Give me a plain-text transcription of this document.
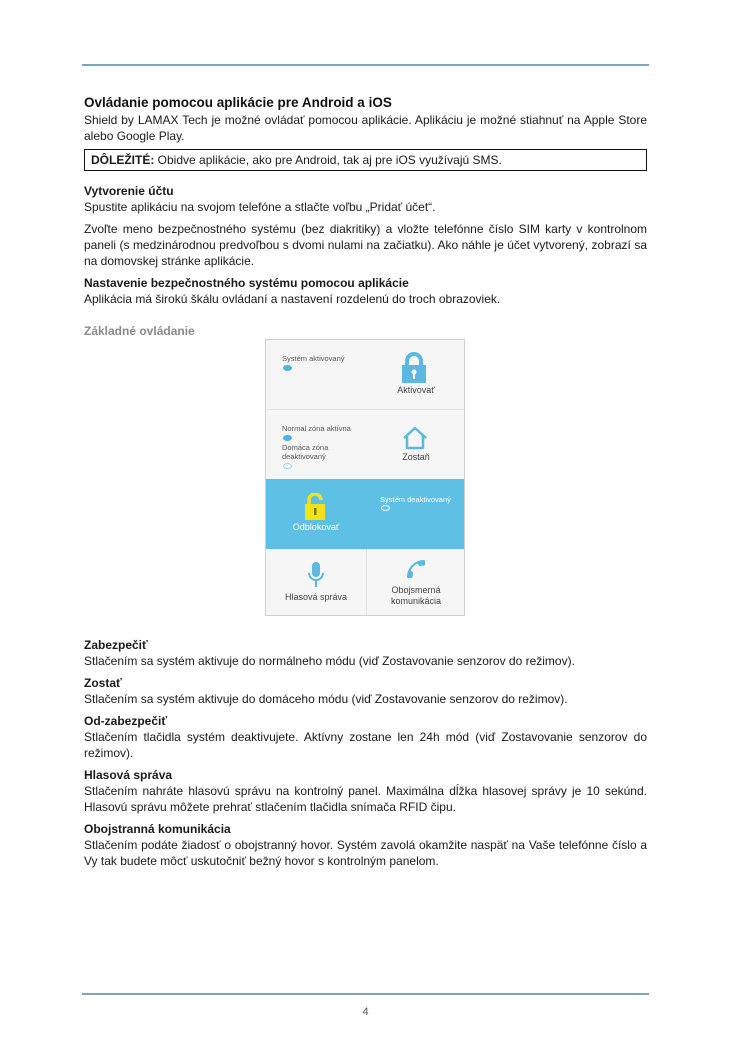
Ovládanie pomocou aplikácie pre Android a iOS

Shield by LAMAX Tech je možné ovládať pomocou aplikácie. Aplikáciu je možné stiahnuť na Apple Store alebo Google Play.

DÔLEŽITÉ: Obidve aplikácie, ako pre Android, tak aj pre iOS využívajú SMS.
Vytvorenie účtu

Spustite aplikáciu na svojom telefóne a stlačte voľbu „Pridať účet“.

Zvoľte meno bezpečnostného systému (bez diakritiky) a vložte telefónne číslo SIM karty v kontrolnom paneli (s medzinárodnou predvoľbou s dvomi nulami na začiatku). Ako náhle je účet vytvorený, zobrazí sa na domovskej stránke aplikácie.

Nastavenie bezpečnostného systému pomocou aplikácie

Aplikácia má širokú škálu ovládaní a nastavení rozdelenú do troch obrazoviek.

Základné ovládanie
Systém aktivovaný
Aktivovať
Normal zóna aktívna
Domáca zóna deaktivovaný	Zostaň
Odblokovať
Systém deaktivovaný
Hlasová správa
Obojsmerná komunikácia
Zabezpečiť

Stlačením sa systém aktivuje do normálneho módu (viď Zostavovanie senzorov do režimov).

Zostať

Stlačením sa systém aktivuje do domáceho módu (viď Zostavovanie senzorov do režimov).

Od-zabezpečiť

Stlačením tlačidla systém deaktivujete. Aktívny zostane len 24h mód (viď Zostavovanie senzorov do režimov).

Hlasová správa

Stlačením nahráte hlasovú správu na kontrolný panel. Maximálna dĺžka hlasovej správy je 10 sekúnd. Hlasovú správu môžete prehrať stlačením tlačidla snímača RFID čipu.

Obojstranná komunikácia

Stlačením podáte žiadosť o obojstranný hovor. Systém zavolá okamžite naspäť na Vaše telefónne číslo a Vy tak budete môcť uskutočniť bežný hovor s kontrolným panelom.

4
